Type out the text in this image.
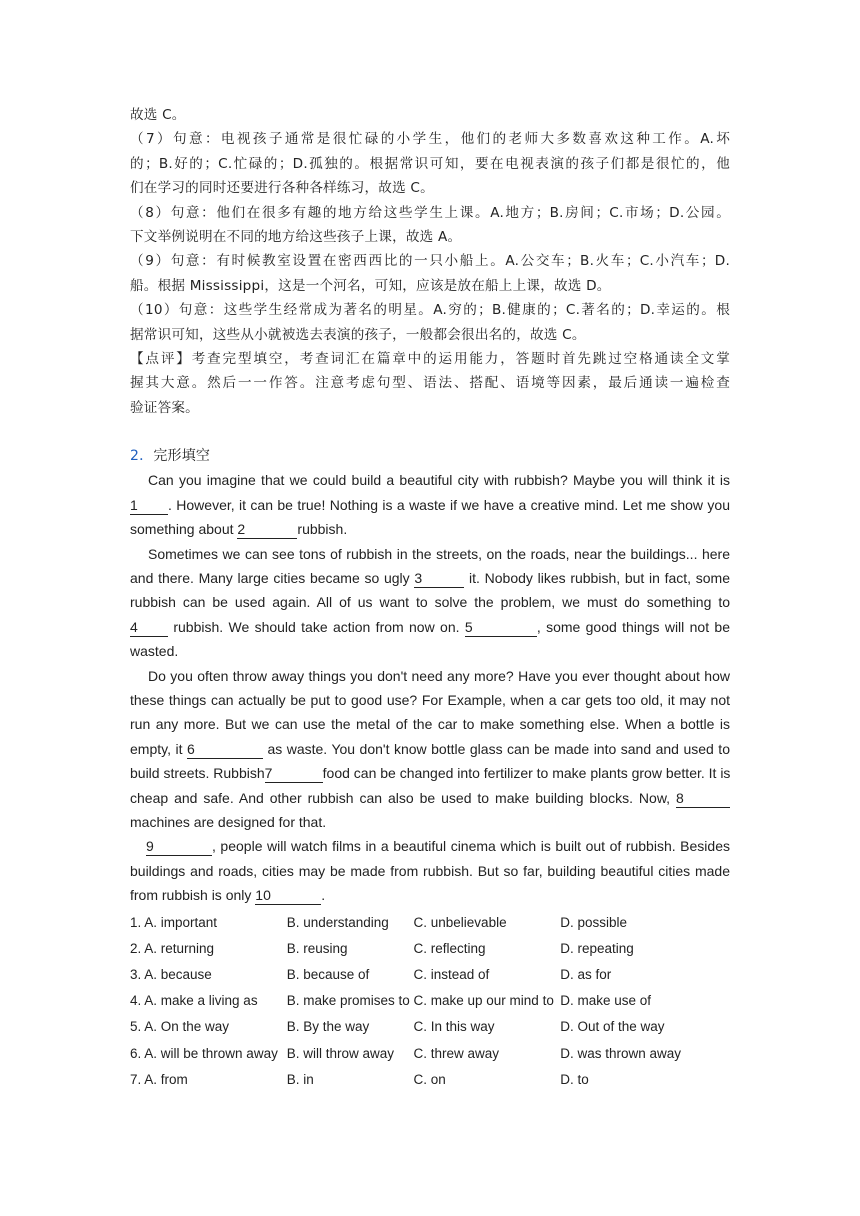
故选 C。
（7）句意：电视孩子通常是很忙碌的小学生，他们的老师大多数喜欢这种工作。A.坏
的；B.好的；C.忙碌的；D.孤独的。根据常识可知，要在电视表演的孩子们都是很忙的，他
们在学习的同时还要进行各种各样练习，故选 C。
（8）句意：他们在很多有趣的地方给这些学生上课。A.地方；B.房间；C.市场；D.公园。
下文举例说明在不同的地方给这些孩子上课，故选 A。
（9）句意：有时候教室设置在密西西比的一只小船上。A.公交车；B.火车；C.小汽车；D.
船。根据 Mississippi，这是一个河名，可知，应该是放在船上上课，故选 D。
（10）句意：这些学生经常成为著名的明星。A.穷的；B.健康的；C.著名的；D.幸运的。根
据常识可知，这些从小就被选去表演的孩子，一般都会很出名的，故选 C。
【点评】考查完型填空，考查词汇在篇章中的运用能力，答题时首先跳过空格通读全文掌
握其大意。然后一一作答。注意考虑句型、语法、搭配、语境等因素，最后通读一遍检查
验证答案。
2．完形填空
Can you imagine that we could build a beautiful city with rubbish? Maybe you will think it is
1 . However, it can be true! Nothing is a waste if we have a creative mind. Let me show you
something about 2	rubbish.
Sometimes we can see tons of rubbish in the streets, on the roads, near the buildings... here
and there. Many large cities became so ugly 3	it. Nobody likes rubbish, but in fact, some
rubbish can be used again. All of us want to solve the problem, we must do something to
4 rubbish. We should take action from now on. 5	, some good things will not be
wasted.
Do you often throw away things you don't need any more? Have you ever thought about how
these things can actually be put to good use? For Example, when a car gets too old, it may not
run any more. But we can use the metal of the car to make something else. When a bottle is
empty, it 6	as waste. You don't know bottle glass can be made into sand and used to
build streets. Rubbish7	food can be changed into fertilizer to make plants grow better. It is
cheap and safe. And other rubbish can also be used to make building blocks. Now, 8
machines are designed for that.
9	, people will watch films in a beautiful cinema which is built out of rubbish. Besides
buildings and roads, cities may be made from rubbish. But so far, building beautiful cities made
from rubbish is only 10	.
1. A. important	B. understanding	C. unbelievable	D. possible
2. A. returning	B. reusing	C. reflecting	D. repeating
3. A. because	B. because of	C. instead of	D. as for
4. A. make a living as	B. make promises to C. make up our mind to D. make use of
5. A. On the way	B. By the way	C. In this way	D. Out of the way
6. A. will be thrown away B. will throw away	C. threw away	D. was thrown away
7. A. from	B. in	C. on	D. to
